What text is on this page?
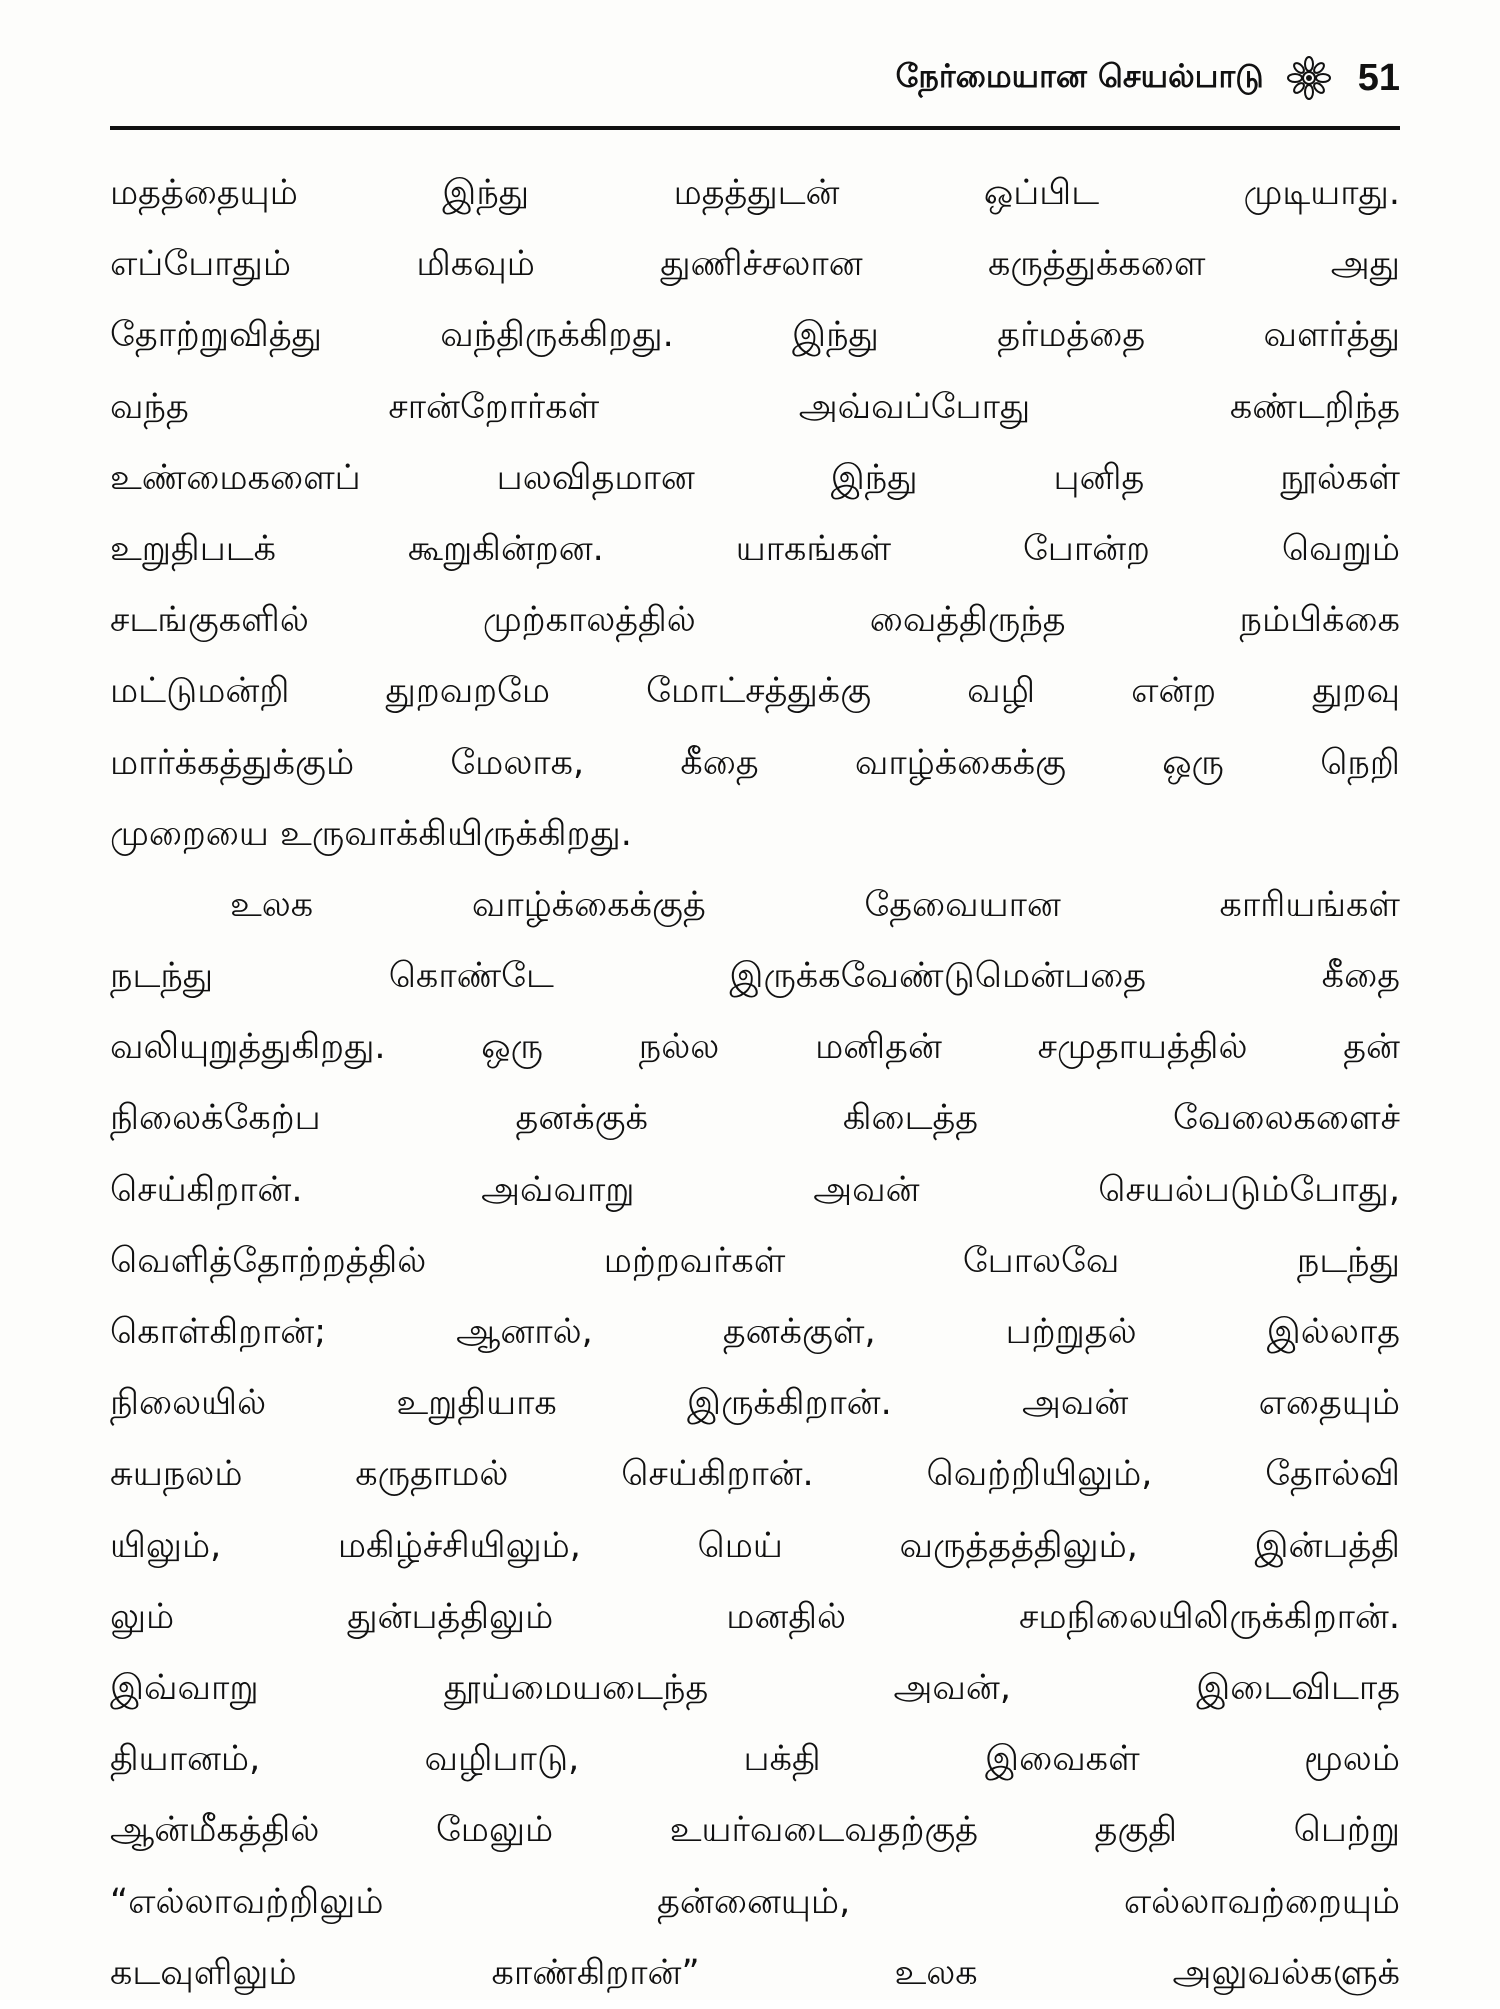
நேர்மையான செயல்பாடு 51
மதத்தையும் இந்து மதத்துடன் ஒப்பிட முடியாது.
எப்போதும் மிகவும் துணிச்சலான கருத்துக்களை அது
தோற்றுவித்து வந்திருக்கிறது. இந்து தர்மத்தை வளர்த்து
வந்த சான்றோர்கள் அவ்வப்போது கண்டறிந்த
உண்மைகளைப் பலவிதமான இந்து புனித நூல்கள்
உறுதிபடக் கூறுகின்றன. யாகங்கள் போன்ற வெறும்
சடங்குகளில் முற்காலத்தில் வைத்திருந்த நம்பிக்கை
மட்டுமன்றி துறவறமே மோட்சத்துக்கு வழி என்ற துறவு
மார்க்கத்துக்கும் மேலாக, கீதை வாழ்க்கைக்கு ஒரு நெறி
முறையை உருவாக்கியிருக்கிறது.
உலக வாழ்க்கைக்குத் தேவையான காரியங்கள்
நடந்து கொண்டே இருக்கவேண்டுமென்பதை கீதை
வலியுறுத்துகிறது. ஒரு நல்ல மனிதன் சமுதாயத்தில் தன்
நிலைக்கேற்ப தனக்குக் கிடைத்த வேலைகளைச்
செய்கிறான். அவ்வாறு அவன் செயல்படும்போது,
வெளித்தோற்றத்தில் மற்றவர்கள் போலவே நடந்து
கொள்கிறான்; ஆனால், தனக்குள், பற்றுதல் இல்லாத
நிலையில் உறுதியாக இருக்கிறான். அவன் எதையும்
சுயநலம் கருதாமல் செய்கிறான். வெற்றியிலும், தோல்வி
யிலும், மகிழ்ச்சியிலும், மெய் வருத்தத்திலும், இன்பத்தி
லும் துன்பத்திலும் மனதில் சமநிலையிலிருக்கிறான்.
இவ்வாறு தூய்மையடைந்த அவன், இடைவிடாத
தியானம், வழிபாடு, பக்தி இவைகள் மூலம்
ஆன்மீகத்தில் மேலும் உயர்வடைவதற்குத் தகுதி பெற்று
“எல்லாவற்றிலும் தன்னையும், எல்லாவற்றையும்
கடவுளிலும் காண்கிறான்” உலக அலுவல்களுக்
